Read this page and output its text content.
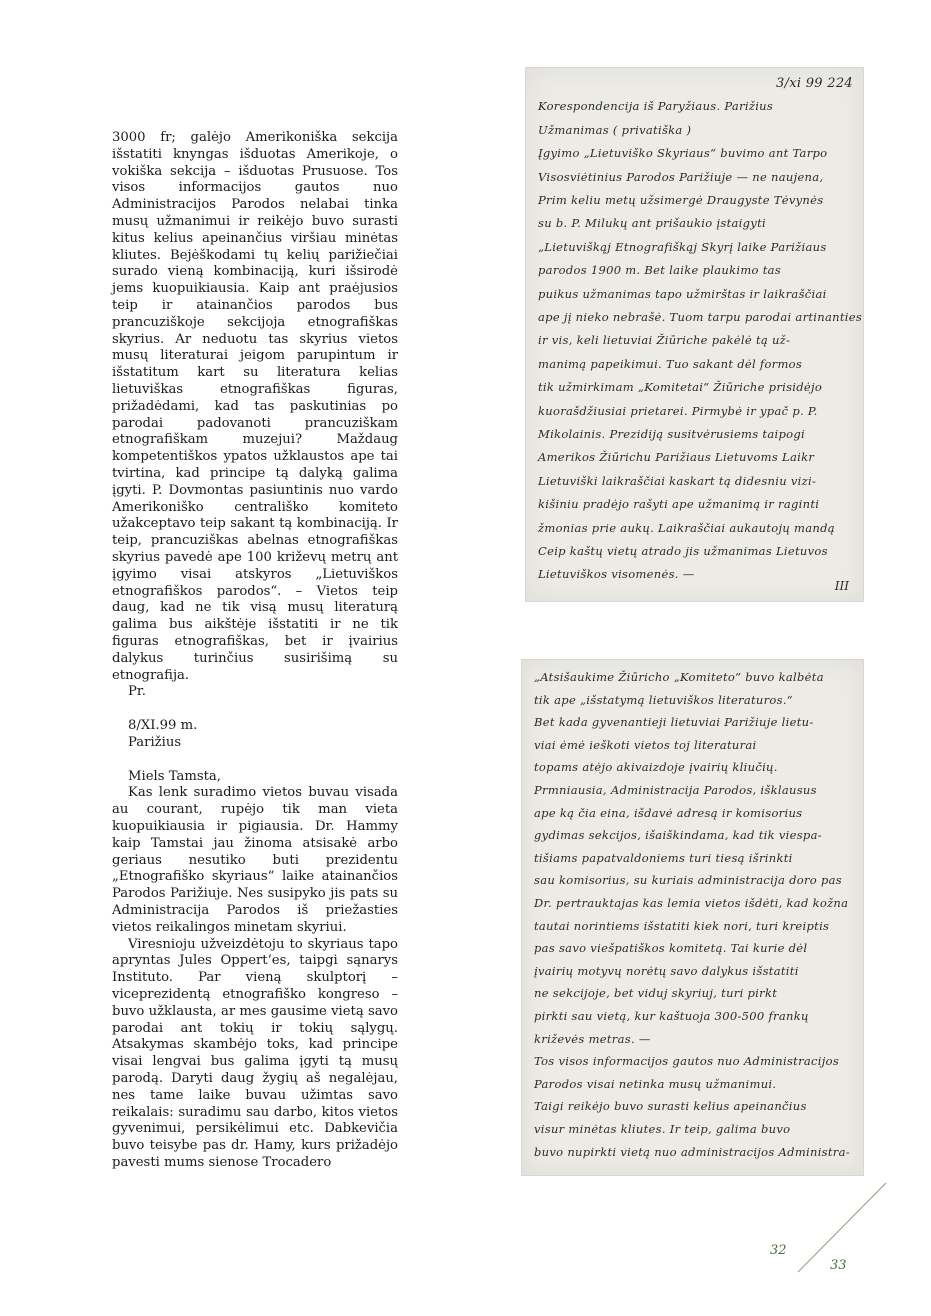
3000 fr; galėjo Amerikoniška sekcija išstatiti knyngas išduotas Amerikoje, o vokiška sekcija – išduotas Prusuose. Tos visos informacijos gautos nuo Administracijos Parodos nelabai tinka musų užmanimui ir reikėjo buvo surasti kitus kelius apeinančius viršiau minėtas kliutes. Bejėškodami tų kelių parižiečiai surado vieną kombinaciją, kuri išsirodė jems kuopuikiausia. Kaip ant praėjusios teip ir atainančios parodos bus prancuziškoje sekcijoja etnografiškas skyrius. Ar neduotu tas skyrius vietos musų literaturai jeigom parupintum ir išstatitum kart su literatura kelias lietuviškas etnografiškas figuras, prižadėdami, kad tas paskutinias po parodai padovanoti prancuziškam etnografiškam muzejui? Maždaug kompetentiškos ypatos užklaustos ape tai tvirtina, kad principe tą dalyką galima įgyti. P. Dovmontas pasiuntinis nuo vardo Amerikoniško centrališko komiteto užakceptavo teip sakant tą kombinaciją. Ir teip, prancuziškas abelnas etnografiškas skyrius pavedė ape 100 križevų metrų ant įgyimo visai atskyros „Lietuviškos etnografiškos parodos“. – Vietos teip daug, kad ne tik visą musų literaturą galima bus aikštėje išstatiti ir ne tik figuras etnografiškas, bet ir įvairius dalykus turinčius susirišimą su etnografija.

Pr.

8/XI.99 m.
Parižius

Miels Tamsta,

Kas lenk suradimo vietos buvau visada au courant, rupėjo tik man vieta kuopuikiausia ir pigiausia. Dr. Hammy kaip Tamstai jau žinoma atsisakė arbo geriaus nesutiko buti prezidentu „Etnografiško skyriaus“ laike atainančios Parodos Parižiuje. Nes susipyko jis pats su Administracija Parodos iš priežasties vietos reikalingos minetam skyriui.

Viresnioju užveizdėtoju to skyriaus tapo apryntas Jules Oppert‘es, taipgi sąnarys Instituto. Par vieną skulptorį – viceprezidentą etnografiško kongreso – buvo užklausta, ar mes gausime vietą savo parodai ant tokių ir tokių sąlygų. Atsakymas skambėjo toks, kad principe visai lengvai bus galima įgyti tą musų parodą. Daryti daug žygių aš negalėjau, nes tame laike buvau užimtas savo reikalais: suradimu sau darbo, kitos vietos gyvenimui, persikėlimui etc. Dabkevičia buvo teisybe pas dr. Hamy, kurs prižadėjo pavesti mums sienose Trocadero

3/xi 99 224
Korespondencija iš Paryžiaus. Parižius
Užmanimas ( privatiška )
Įgyimo „Lietuviško Skyriaus“ buvimo ant Tarpo
Visosviėtinius Parodos Parižiuje — ne naujena,
Prim keliu metų užsimergė Draugyste Tėvynės
su b. P. Milukų ant prišaukio įstaigyti
„Lietuviškąj Etnografiškąj Skyrį laike Parižiaus
parodos 1900 m. Bet laike plaukimo tas
puikus užmanimas tapo užmirštas ir laikraščiai
ape jį nieko nebrašė. Tuom tarpu parodai artinanties
ir vis, keli lietuviai Žiūriche pakėlė tą už-
manimą papeikimui. Tuo sakant dėl formos
tik užmirkimam „Komitetai“ Žiūriche prisidėjo
kuorašdžiusiai prietarei. Pirmybė ir ypač p. P.
Mikolainis. Prezidiją susitvėrusiems taipogi
Amerikos Žiūrichu Parižiaus Lietuvoms Laikr
Lietuviški laikraščiai kaskart tą didesniu vizi-
kišiniu pradėjo rašyti ape užmanimą ir raginti
žmonias prie aukų. Laikraščiai aukautojų mandą
Ceip kaštų vietų atrado jis užmanimas Lietuvos
Lietuviškos visomenės. —
III
„Atsišaukime Žiūricho „Komiteto“ buvo kalbėta
tik ape „išstatymą lietuviškos literaturos.“
Bet kada gyvenantieji lietuviai Parižiuje lietu-
viai ėmė ieškoti vietos toj literaturai
topams atėjo akivaizdoje įvairių kliučių.
Prmniausia, Administracija Parodos, išklausus
ape ką čia eina, išdavė adresą ir komisorius
gydimas sekcijos, išaiškindama, kad tik viespa-
tišiams papatvaldoniems turi tiesą išrinkti
sau komisorius, su kuriais administracija doro pas
Dr. pertrauktajas kas lemia vietos išdėti, kad kožna
tautai norintiems išstatiti kiek nori, turi kreiptis
pas savo viešpatiškos komitetą. Tai kurie dėl
įvairių motyvų norėtų savo dalykus išstatiti
ne sekcijoje, bet viduj skyriuj, turi pirkt
pirkti sau vietą, kur kaštuoja 300-500 frankų
križevės metras. —
Tos visos informacijos gautos nuo Administracijos
Parodos visai netinka musų užmanimui.
Taigi reikėjo buvo surasti kelius apeinančius
visur minėtas kliutes. Ir teip, galima buvo
buvo nupirkti vietą nuo administracijos Administra-
32
33
